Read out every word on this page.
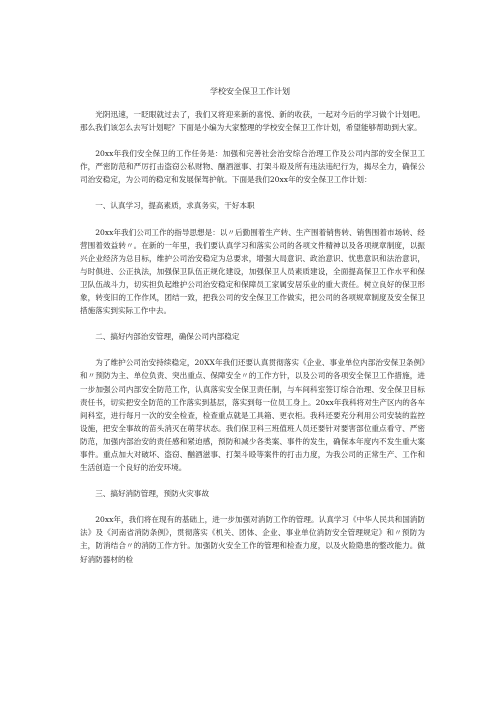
学校安全保卫工作计划

光阴迅速，一眨眼就过去了，我们又将迎来新的喜悦、新的收获，一起对今后的学习做个计划吧。那么我们该怎么去写计划呢？下面是小编为大家整理的学校安全保卫工作计划，希望能够帮助到大家。

20xx年我们安全保卫的工作任务是：加强和完善社会治安综合治理工作及公司内部的安全保卫工作，严密防范和严厉打击盗窃公私财物、酗酒滋事、打架斗殴及所有违法违纪行为，揭尽全力，确保公司治安稳定，为公司的稳定和发展保驾护航。下面是我们20xx年的安全保卫工作计划：

一、认真学习，提高素质，求真务实，干好本职

20xx年我们公司工作的指导思想是：以〃后勤围着生产转、生产围着销售转、销售围着市场转、经营围着效益转〃。在新的一年里，我们要认真学习和落实公司的各项文件精神以及各项规章制度，以振兴企业经济为总目标，维护公司治安稳定为总要求，增强大局意识、政治意识、忧患意识和法治意识，与时俱进、公正执法，加强保卫队伍正规化建设，加强保卫人员素质建设，全面提高保卫工作水平和保卫队伍战斗力，切实担负起维护公司治安稳定和保障员工家属安居乐业的重大责任。树立良好的保卫形象，转变旧的工作作风，团结一致，把我公司的安全保卫工作做实，把公司的各项规章制度及安全保卫措施落实到实际工作中去。

二、搞好内部治安管理，确保公司内部稳定

为了维护公司治安持续稳定，20XX年我们还要认真贯彻落实《企业、事业单位内部治安保卫条例》和〃预防为主、单位负责、突出重点、保障安全〃的工作方针，以及公司的各项安全保卫工作措施，进一步加强公司内部安全防范工作，认真落实安全保卫责任制，与车间科室签订综合治理、安全保卫目标责任书，切实把安全防范的工作落实到基层，落实到每一位员工身上。20xx年我科将对生产区内的各车间科室，进行每月一次的安全检查，检查重点就是工具箱、更衣柜。我科还要充分利用公司安装的监控设施，把安全事故的苗头消灭在萌芽状态。我们保卫科三班值班人员还要针对要害部位重点看守、严密防范，加强内部治安的责任感和紧迫感，预防和减少各类案、事件的发生，确保本年度内不发生重大案事件。重点加大对破坏、盗窃、酗酒滋事、打架斗殴等案件的打击力度，为我公司的正常生产、工作和生活创造一个良好的治安环境。

三、搞好消防管理，预防火灾事故

20xx年，我们将在现有的基础上，进一步加强对消防工作的管理。认真学习《中华人民共和国消防法》及《河南省消防条例》，贯彻落实《机关、团体、企业、事业单位消防安全管理规定》和〃预防为主，防消结合〃的消防工作方针。加强防火安全工作的管理和检查力度，以及火险隐患的整改能力。做好消防器材的检
